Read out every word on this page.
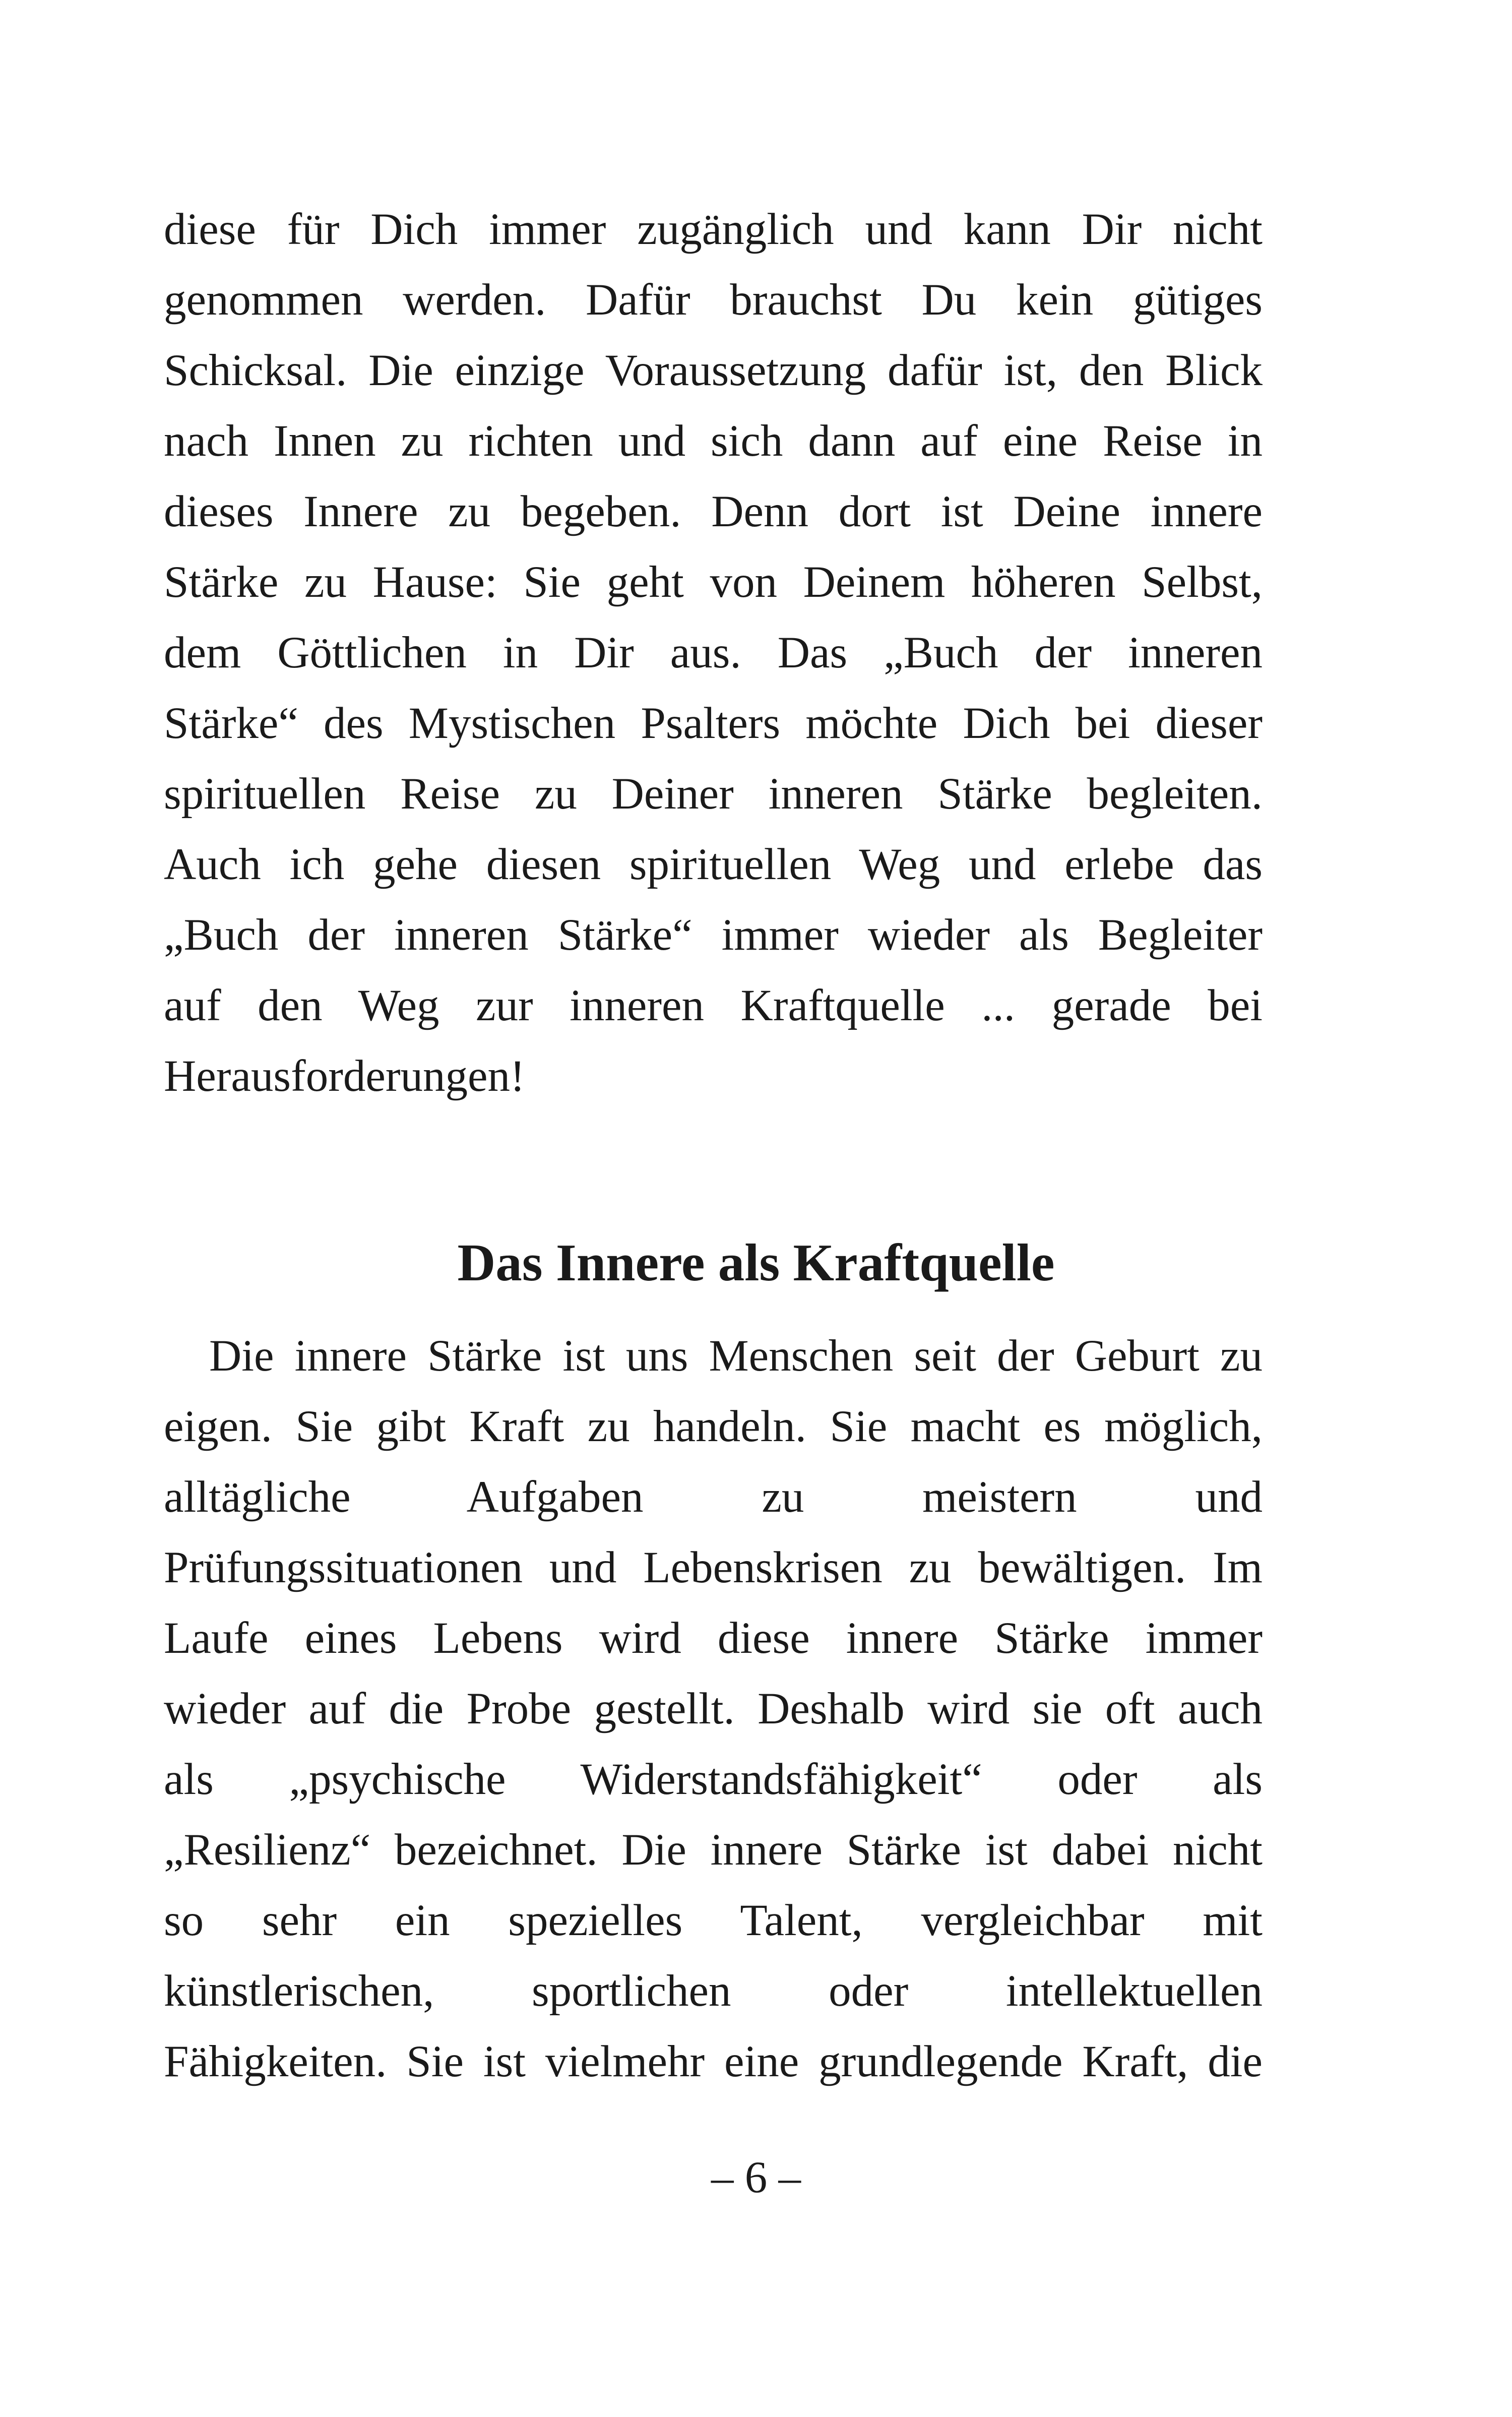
diese für Dich immer zugänglich und kann Dir nicht
genommen werden. Dafür brauchst Du kein gütiges
Schicksal. Die einzige Voraussetzung dafür ist, den Blick
nach Innen zu richten und sich dann auf eine Reise in
dieses Innere zu begeben. Denn dort ist Deine innere
Stärke zu Hause: Sie geht von Deinem höheren Selbst,
dem Göttlichen in Dir aus. Das „Buch der inneren
Stärke“ des Mystischen Psalters möchte Dich bei dieser
spirituellen Reise zu Deiner inneren Stärke begleiten.
Auch ich gehe diesen spirituellen Weg und erlebe das
„Buch der inneren Stärke“ immer wieder als Begleiter
auf den Weg zur inneren Kraftquelle ... gerade bei
Herausforderungen!
Das Innere als Kraftquelle
Die innere Stärke ist uns Menschen seit der Geburt zu
eigen. Sie gibt Kraft zu handeln. Sie macht es möglich,
alltägliche Aufgaben zu meistern und
Prüfungssituationen und Lebenskrisen zu bewältigen. Im
Laufe eines Lebens wird diese innere Stärke immer
wieder auf die Probe gestellt. Deshalb wird sie oft auch
als „psychische Widerstandsfähigkeit“ oder als
„Resilienz“ bezeichnet. Die innere Stärke ist dabei nicht
so sehr ein spezielles Talent, vergleichbar mit
künstlerischen, sportlichen oder intellektuellen
Fähigkeiten. Sie ist vielmehr eine grundlegende Kraft, die
– 6 –
